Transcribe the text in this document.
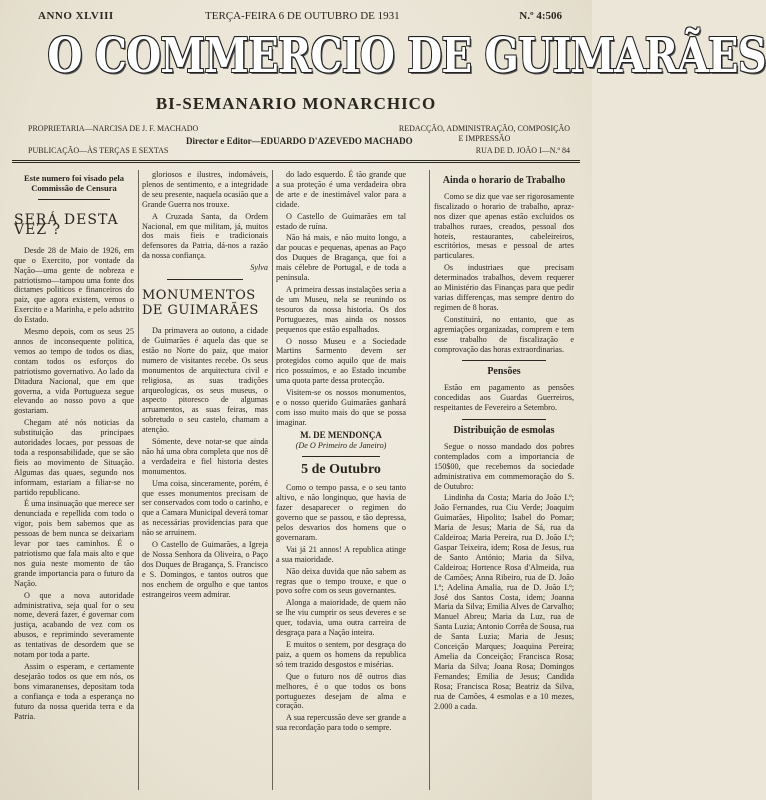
ANNO XLVIII	TERÇA-FEIRA 6 DE OUTUBRO DE 1931	N.º 4:506
O COMMERCIO DE GUIMARÃES
BI-SEMANARIO MONARCHICO
PROPRIETARIA—NARCISA DE J. F. MACHADO	REDACÇÃO, ADMINISTRAÇÃO, COMPOSIÇÃO

E IMPRESSÃO
Director e Editor—EDUARDO D'AZEVEDO MACHADO
PUBLICAÇÃO—ÀS TERÇAS E SEXTAS	RUA DE D. JOÃO I—N.º 84
Este numero foi visado pela Commissão de Censura
SERÁ DESTA VEZ ?

Desde 28 de Maio de 1926, em que o Exercito, por vontade da Nação—uma gente de nobreza e patriotismo—tampou uma fonte dos dictames politicos e financeiros do paiz, que agora existem, vemos o Exercito e a Marinha, e pelo adstrito do Estado.

Mesmo depois, com os seus 25 annos de inconsequente politica, vemos ao tempo de todos os dias, contam todos os esforços do patriotismo governativo. Ao lado da Ditadura Nacional, que em que governa, a vida Portugueza segue elevando ao nosso povo a que gostariam.

Chegam até nós noticias da substituição das principaes autoridades locaes, por pessoas de toda a responsabilidade, que se são fieis ao movimento de Situação. Algumas das quaes, segundo nos informam, estariam a filiar-se no partido republicano.

É uma insinuação que merece ser denunciada e repellida com todo o vigor, pois bem sabemos que as pessoas de bem nunca se deixariam levar por taes caminhos. É o patriotismo que fala mais alto e que nos guia neste momento de tão grande importancia para o futuro da Nação.

O que a nova autoridade administrativa, seja qual for o seu nome, deverá fazer, é governar com justiça, acabando de vez com os abusos, e reprimindo severamente as tentativas de desordem que se notam por toda a parte.

Assim o esperam, e certamente desejarão todos os que em nós, os bons vimaranenses, depositam toda a confiança e toda a esperança no futuro da nossa querida terra e da Patria.

gloriosos e ilustres, indomáveis, plenos de sentimento, e a integridade de seu presente, naquela ocasião que a Grande Guerra nos trouxe.

A Cruzada Santa, da Ordem Nacional, em que militam, já, muitos dos mais fieis e tradicionais defensores da Patria, dá-nos a razão da nossa confiança.

Sylva
MONUMENTOS DE GUIMARÃES

Da primavera ao outono, a cidade de Guimarães é aquela das que se estão no Norte do paiz, que maior numero de visitantes recebe. Os seus monumentos de arquitectura civil e religiosa, as suas tradições arqueologicas, os seus museus, o aspecto pitoresco de algumas arruamentos, as suas feiras, mas sobretudo o seu castelo, chamam a atenção.

Sómente, deve notar-se que ainda não há uma obra completa que nos dê a verdadeira e fiel historia destes monumentos.

Uma coisa, sinceramente, porém, é que esses monumentos precisam de ser conservados com todo o carinho, e que a Camara Municipal deverá tomar as necessárias providencias para que não se arruinem.

O Castello de Guimarães, a Igreja de Nossa Senhora da Oliveira, o Paço dos Duques de Bragança, S. Francisco e S. Domingos, e tantos outros que nos enchem de orgulho e que tantos estrangeiros veem admirar.

do lado esquerdo. É tão grande que a sua proteção é uma verdadeira obra de arte e de inestimável valor para a cidade.

O Castello de Guimarães em tal estado de ruína.

Não há mais, e não muito longo, a dar poucas e pequenas, apenas ao Paço dos Duques de Bragança, que foi a mais célebre de Portugal, e de toda a peninsula.

A primeira dessas instalações seria a de um Museu, nela se reunindo os tesouros da nossa historia. Os dos Portuguezes, mas ainda os nossos pequenos que estão espalhados.

O nosso Museu e a Sociedade Martins Sarmento devem ser protegidos como aquilo que de mais rico possuímos, e ao Estado incumbe uma quota parte dessa protecção.

Visitem-se os nossos monumentos, e o nosso querido Guimarães ganhará com isso muito mais do que se possa imaginar.

M. DE MENDONÇA
(De O Primeiro de Janeiro)
5 de Outubro

Como o tempo passa, e o seu tanto altivo, e não longinquo, que havia de fazer desaparecer o regimen do governo que se passou, e tão depressa, pelos desvarios dos homens que o governaram.

Vai já 21 annos! A republica atinge a sua maioridade.

Não deixa duvida que não sabem as regras que o tempo trouxe, e que o povo sofre com os seus governantes.

Alonga a maioridade, de quem não se lhe viu cumprir os seus deveres e se quer, todavia, uma outra carreira de desgraça para a Nação inteira.

E muitos o sentem, por desgraça do paiz, a quem os homens da republica só tem trazido desgostos e misérias.

Que o futuro nos dê outros dias melhores, é o que todos os bons portuguezes desejam de alma e coração.

A sua repercussão deve ser grande a sua recordação para todo o sempre.

Ainda o horario de Trabalho

Como se diz que vae ser rigorosamente fiscalizado o horario de trabalho, apraz-nos dizer que apenas estão excluidos os trabalhos ruraes, creados, pessoal dos hoteis, restaurantes, cabeleireiros, escritórios, mesas e pessoal de artes particulares.

Os industriaes que precisam determinados trabalhos, devem requerer ao Ministério das Finanças para que pedir varias differenças, mas sempre dentro do regimen de 8 horas.

Constituirá, no entanto, que as agremiações organizadas, comprem e tem esse trabalho de fiscalização e comprovação das horas extraordinarias.

Pensões

Estão em pagamento as pensões concedidas aos Guardas Guerreiros, respeitantes de Fevereiro a Setembro.

Distribuição de esmolas

Segue o nosso mandado dos pobres contemplados com a importancia de 150$00, que recebemos da sociedade administrativa em commemoração do S. de Outubro:

Lindinha da Costa; Maria do João I.º; João Fernandes, rua Ciu Verde; Joaquim Guimarães, Hipolito; Isabel do Pomar; Maria de Jesus; Maria de Sá, rua da Caldeiroa; Maria Pereira, rua D. João I.º; Gaspar Teixeira, idem; Rosa de Jesus, rua de Santo António; Maria da Silva, Caldeiroa; Hortence Rosa d'Almeida, rua de Camões; Anna Ribeiro, rua de D. João I.º; Adelina Amalia, rua de D. João I.º; José dos Santos Costa, idem; Joanna Maria da Silva; Emilia Alves de Carvalho; Manuel Abreu; Maria da Luz, rua de Santa Luzia; Antonio Corrêa de Sousa, rua de Santa Luzia; Maria de Jesus; Conceição Marques; Joaquina Pereira; Amelia da Conceição; Francisca Rosa; Maria da Silva; Joana Rosa; Domingos Fernandes; Emilia de Jesus; Candida Rosa; Francisca Rosa; Beatriz da Silva, rua de Camões, 4 esmolas e a 10 mezes, 2.000 a cada.
